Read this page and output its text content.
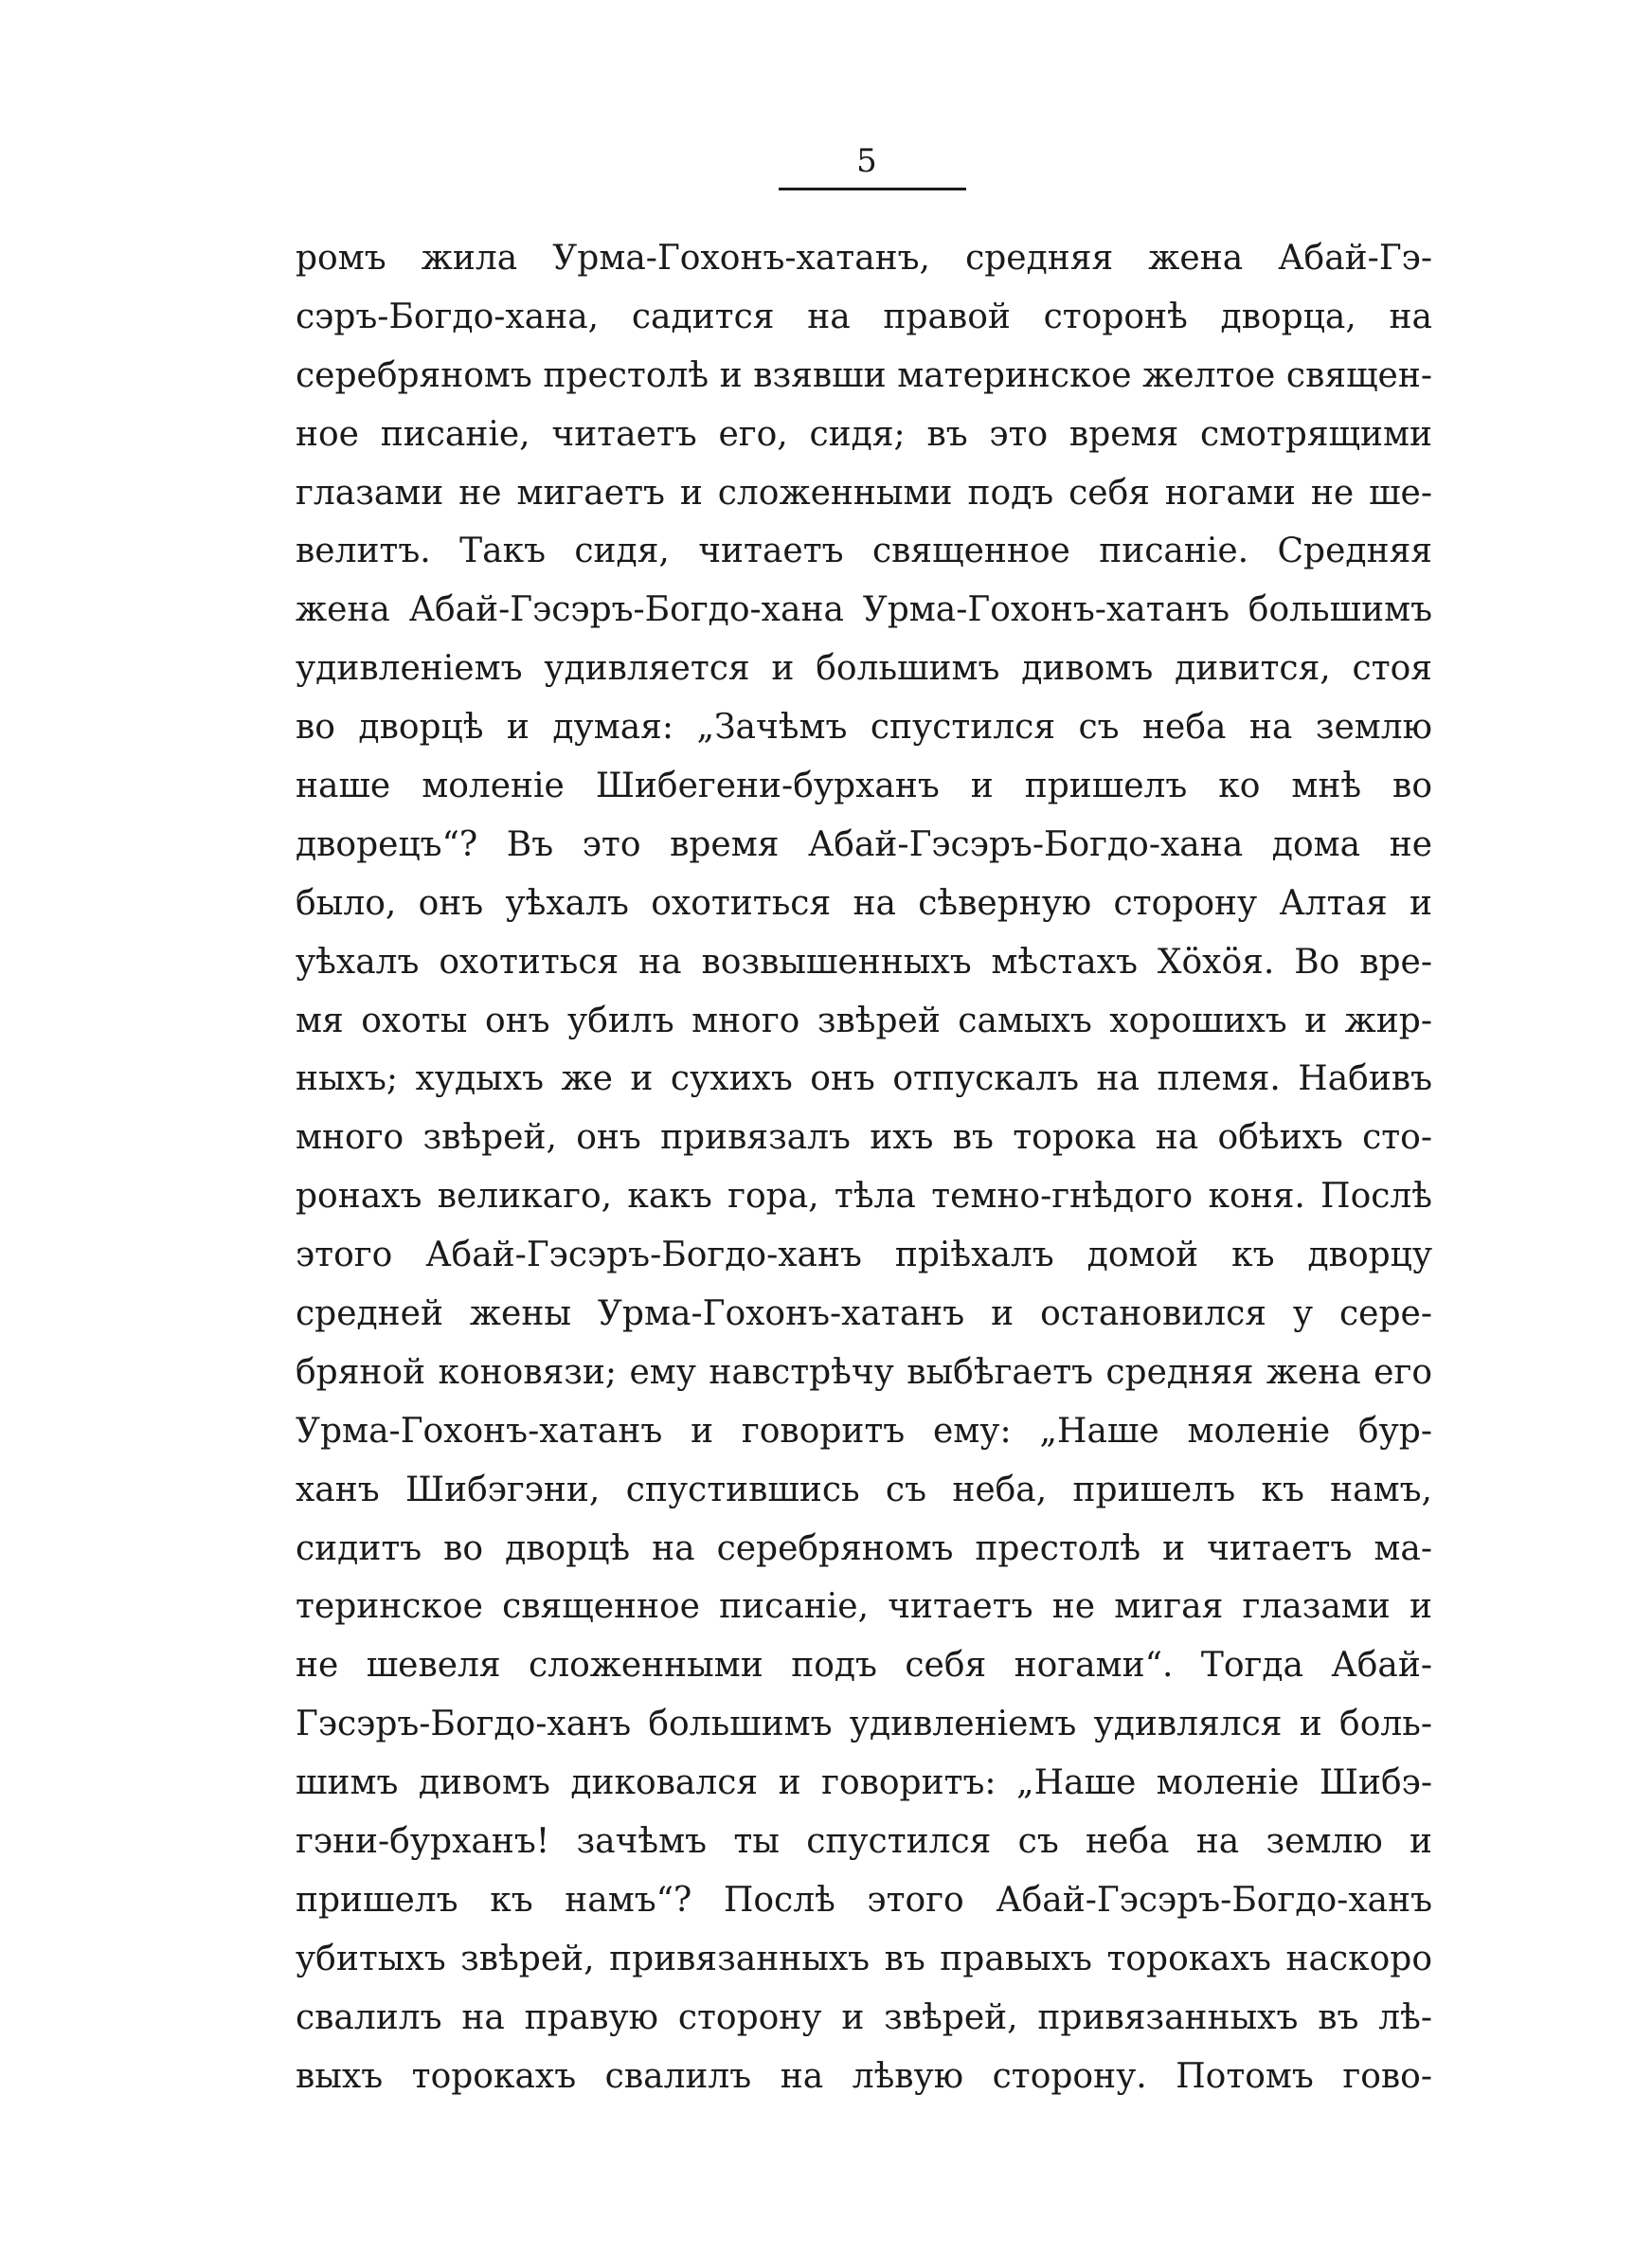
5
ромъ жила Урма-Гохонъ-хатанъ, средняя жена Абай-Гэ-
сэръ-Богдо-хана, садится на правой сторонѣ дворца, на
серебряномъ престолѣ и взявши материнское желтое священ-
ное писаніе, читаетъ его, сидя; въ это время смотрящими
глазами не мигаетъ и сложенными подъ себя ногами не ше-
велитъ. Такъ сидя, читаетъ священное писаніе. Средняя
жена Абай-Гэсэръ-Богдо-хана Урма-Гохонъ-хатанъ большимъ
удивленіемъ удивляется и большимъ дивомъ дивится, стоя
во дворцѣ и думая: „Зачѣмъ спустился съ неба на землю
наше моленіе Шибегени-бурханъ и пришелъ ко мнѣ во
дворецъ“? Въ это время Абай-Гэсэръ-Богдо-хана дома не
было, онъ уѣхалъ охотиться на сѣверную сторону Алтая и
уѣхалъ охотиться на возвышенныхъ мѣстахъ Хöхöя. Во вре-
мя охоты онъ убилъ много звѣрей самыхъ хорошихъ и жир-
ныхъ; худыхъ же и сухихъ онъ отпускалъ на племя. Набивъ
много звѣрей, онъ привязалъ ихъ въ торока на обѣихъ сто-
ронахъ великаго, какъ гора, тѣла темно-гнѣдого коня. Послѣ
этого Абай-Гэсэръ-Богдо-ханъ пріѣхалъ домой къ дворцу
средней жены Урма-Гохонъ-хатанъ и остановился у сере-
бряной коновязи; ему навстрѣчу выбѣгаетъ средняя жена его
Урма-Гохонъ-хатанъ и говоритъ ему: „Наше моленіе бур-
ханъ Шибэгэни, спустившись съ неба, пришелъ къ намъ,
сидитъ во дворцѣ на серебряномъ престолѣ и читаетъ ма-
теринское священное писаніе, читаетъ не мигая глазами и
не шевеля сложенными подъ себя ногами“. Тогда Абай-
Гэсэръ-Богдо-ханъ большимъ удивленіемъ удивлялся и боль-
шимъ дивомъ диковался и говоритъ: „Наше моленіе Шибэ-
гэни-бурханъ! зачѣмъ ты спустился съ неба на землю и
пришелъ къ намъ“? Послѣ этого Абай-Гэсэръ-Богдо-ханъ
убитыхъ звѣрей, привязанныхъ въ правыхъ торокахъ наскоро
свалилъ на правую сторону и звѣрей, привязанныхъ въ лѣ-
выхъ торокахъ свалилъ на лѣвую сторону. Потомъ гово-
